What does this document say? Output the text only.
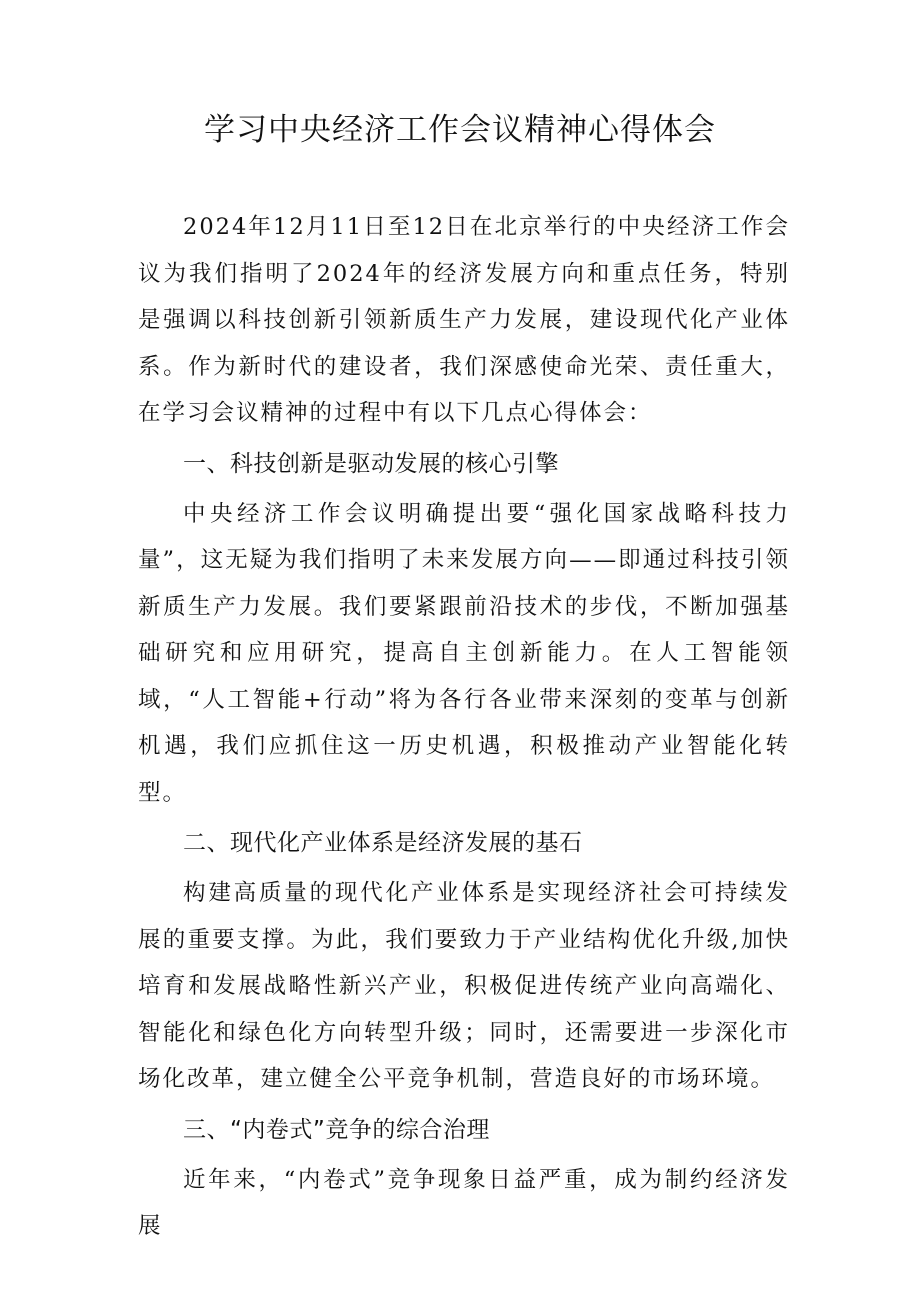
学习中央经济工作会议精神心得体会

2024年12月11日至12日在北京举行的中央经济工作会议为我们指明了2024年的经济发展方向和重点任务，特别是强调以科技创新引领新质生产力发展，建设现代化产业体系。作为新时代的建设者，我们深感使命光荣、责任重大，在学习会议精神的过程中有以下几点心得体会：

一、科技创新是驱动发展的核心引擎

中央经济工作会议明确提出要“强化国家战略科技力量”，这无疑为我们指明了未来发展方向——即通过科技引领新质生产力发展。我们要紧跟前沿技术的步伐，不断加强基础研究和应用研究，提高自主创新能力。在人工智能领域，“人工智能+行动”将为各行各业带来深刻的变革与创新机遇，我们应抓住这一历史机遇，积极推动产业智能化转型。

二、现代化产业体系是经济发展的基石

构建高质量的现代化产业体系是实现经济社会可持续发展的重要支撑。为此，我们要致力于产业结构优化升级,加快培育和发展战略性新兴产业，积极促进传统产业向高端化、智能化和绿色化方向转型升级；同时，还需要进一步深化市场化改革，建立健全公平竞争机制，营造良好的市场环境。

三、“内卷式”竞争的综合治理

近年来，“内卷式”竞争现象日益严重，成为制约经济发展
